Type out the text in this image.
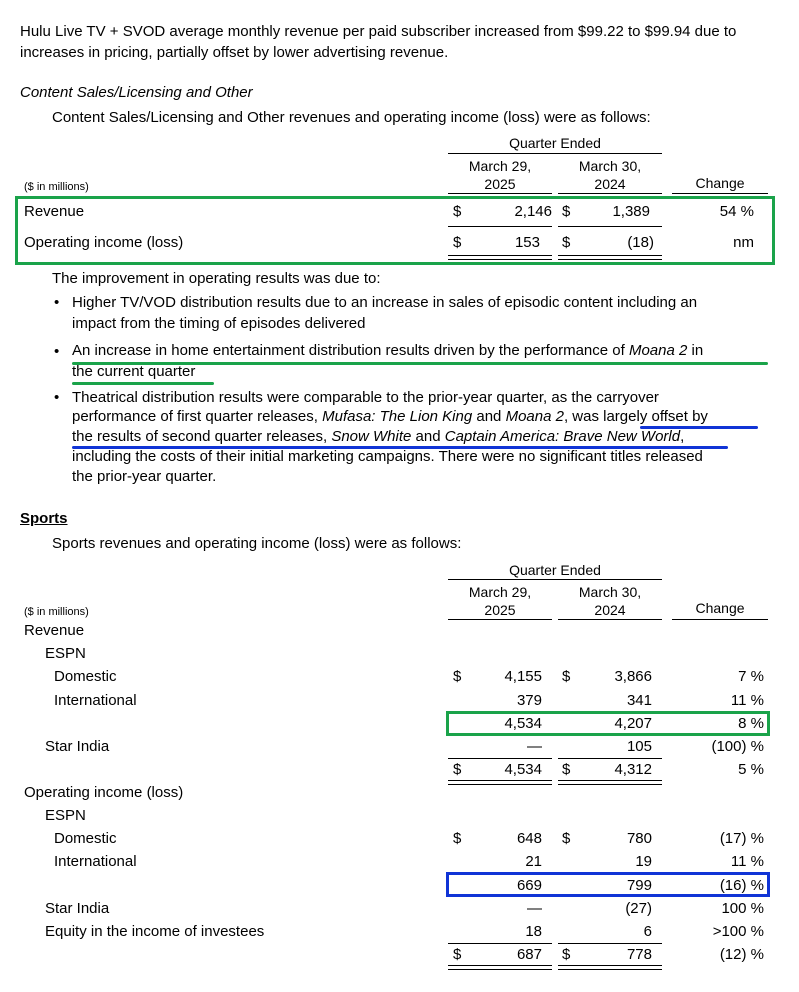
Hulu Live TV + SVOD average monthly revenue per paid subscriber increased from $99.22 to $99.94 due to increases in pricing, partially offset by lower advertising revenue.
Content Sales/Licensing and Other
Content Sales/Licensing and Other revenues and operating income (loss) were as follows:
Quarter Ended
March 29,
2025
March 30,
2024	Change
($ in millions)
Revenue	$	2,146 $	1,389	54 %
Operating income (loss)	$	153 $	(18)	nm
The improvement in operating results was due to:
• Higher TV/VOD distribution results due to an increase in sales of episodic content including an
impact from the timing of episodes delivered
• An increase in home entertainment distribution results driven by the performance of Moana 2 in
the current quarter
• Theatrical distribution results were comparable to the prior-year quarter, as the carryover
performance of first quarter releases, Mufasa: The Lion King and Moana 2, was largely offset by
the results of second quarter releases, Snow White and Captain America: Brave New World,
including the costs of their initial marketing campaigns. There were no significant titles released
the prior-year quarter.
Sports
Sports revenues and operating income (loss) were as follows:
Quarter Ended
March 29,
2025
March 30,
2024	Change
($ in millions)
Revenue
ESPN
Domestic	$	4,155 $	3,866	7 %
International	379	341	11 %
4,534	4,207	8 %
Star India	—	105	(100) %
$	4,534 $	4,312	5 %
Operating income (loss)
ESPN
Domestic	$	648 $	780	(17) %
International	21	19	11 %
669	799	(16) %
Star India	—	(27)	100 %
Equity in the income of investees	18	6	>100 %
$	687 $	778	(12) %
